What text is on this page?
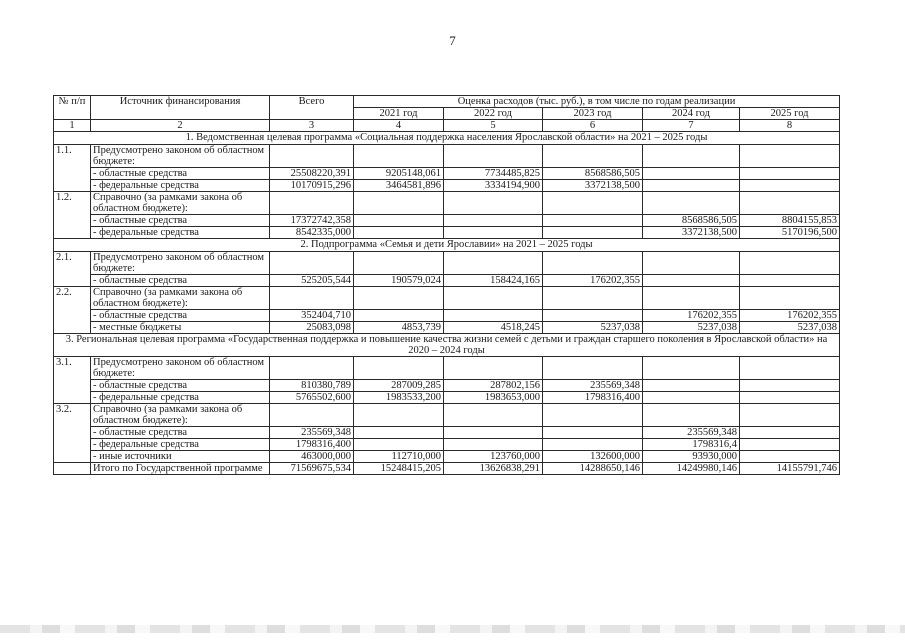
7
№ п/п	Источник финансирования	Всего	Оценка расходов (тыс. руб.), в том числе по годам реализации				
			2021 год	2022 год	2023 год	2024 год	2025 год
1	2	3	4	5	6	7	8
1. Ведомственная целевая программа «Социальная поддержка населения Ярославской области» на 2021 – 2025 годы							
1.1.	Предусмотрено законом об областном бюджете:						
	- областные средства	25508220,391	9205148,061	7734485,825	8568586,505		
	- федеральные средства	10170915,296	3464581,896	3334194,900	3372138,500		
1.2.	Справочно (за рамками закона об областном бюджете):						
	- областные средства	17372742,358				8568586,505	8804155,853
	- федеральные средства	8542335,000				3372138,500	5170196,500
2. Подпрограмма «Семья и дети Ярославии» на 2021 – 2025 годы							
2.1.	Предусмотрено законом об областном бюджете:						
	- областные средства	525205,544	190579,024	158424,165	176202,355		
2.2.	Справочно (за рамками закона об областном бюджете):						
	- областные средства	352404,710				176202,355	176202,355
	- местные бюджеты	25083,098	4853,739	4518,245	5237,038	5237,038	5237,038
3. Региональная целевая программа «Государственная поддержка и повышение качества жизни семей с детьми и граждан старшего поколения в Ярославской области» на 2020 – 2024 годы							
3.1.	Предусмотрено законом об областном бюджете:						
	- областные средства	810380,789	287009,285	287802,156	235569,348		
	- федеральные средства	5765502,600	1983533,200	1983653,000	1798316,400		
3.2.	Справочно (за рамками закона об областном бюджете):						
	- областные средства	235569,348				235569,348	
	- федеральные средства	1798316,400				1798316,4	
	- иные источники	463000,000	112710,000	123760,000	132600,000	93930,000	
	Итого по Государственной программе	71569675,534	15248415,205	13626838,291	14288650,146	14249980,146	14155791,746
